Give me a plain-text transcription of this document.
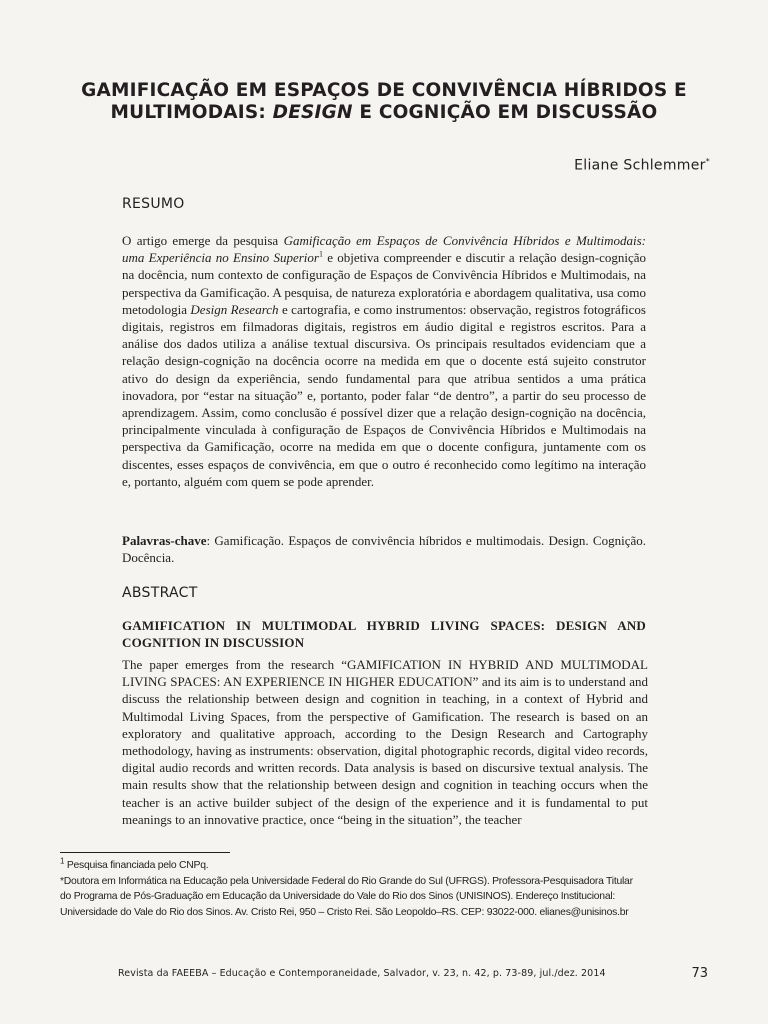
GAMIFICAÇÃO EM ESPAÇOS DE CONVIVÊNCIA HÍBRIDOS E
MULTIMODAIS: DESIGN E COGNIÇÃO EM DISCUSSÃO
Eliane Schlemmer*
RESUMO
O artigo emerge da pesquisa Gamificação em Espaços de Convivência Híbridos e Multimodais: uma Experiência no Ensino Superior$^1$ e objetiva compreender e discutir a relação design-cognição na docência, num contexto de configuração de Espaços de Convivência Híbridos e Multimodais, na perspectiva da Gamificação. A pesquisa, de natureza exploratória e abordagem qualitativa, usa como metodologia Design Research e cartografia, e como instrumentos: observação, registros fotográficos digitais, registros em filmadoras digitais, registros em áudio digital e registros escritos. Para a análise dos dados utiliza a análise textual discursiva. Os principais resultados evidenciam que a relação design-cognição na docência ocorre na medida em que o docente está sujeito construtor ativo do design da experiência, sendo fundamental para que atribua sentidos a uma prática inovadora, por “estar na situação” e, portanto, poder falar “de dentro”, a partir do seu processo de aprendizagem. Assim, como conclusão é possível dizer que a relação design-cognição na docência, principalmente vinculada à configuração de Espaços de Convivência Híbridos e Multimodais na perspectiva da Gamificação, ocorre na medida em que o docente configura, juntamente com os discentes, esses espaços de convivência, em que o outro é reconhecido como legítimo na interação e, portanto, alguém com quem se pode aprender.
Palavras-chave: Gamificação. Espaços de convivência híbridos e multimodais. Design. Cognição. Docência.
ABSTRACT
GAMIFICATION IN MULTIMODAL HYBRID LIVING SPACES: DESIGN AND COGNITION IN DISCUSSION
The paper emerges from the research “GAMIFICATION IN HYBRID AND MULTIMODAL LIVING SPACES: AN EXPERIENCE IN HIGHER EDUCATION” and its aim is to understand and discuss the relationship between design and cognition in teaching, in a context of Hybrid and Multimodal Living Spaces, from the perspective of Gamification. The research is based on an exploratory and qualitative approach, according to the Design Research and Cartography methodology, having as instruments: observation, digital photographic records, digital video records, digital audio records and written records. Data analysis is based on discursive textual analysis. The main results show that the relationship between design and cognition in teaching occurs when the teacher is an active builder subject of the design of the experience and it is fundamental to put meanings to an innovative practice, once “being in the situation”, the teacher
$^1$ Pesquisa financiada pelo CNPq.
*Doutora em Informática na Educação pela Universidade Federal do Rio Grande do Sul (UFRGS). Professora-Pesquisadora Titular
do Programa de Pós-Graduação em Educação da Universidade do Vale do Rio dos Sinos (UNISINOS). Endereço Institucional:
Universidade do Vale do Rio dos Sinos. Av. Cristo Rei, 950 – Cristo Rei. São Leopoldo–RS. CEP: 93022-000. elianes@unisinos.br
Revista da FAEEBA – Educação e Contemporaneidade, Salvador, v. 23, n. 42, p. 73-89, jul./dez. 2014	73
